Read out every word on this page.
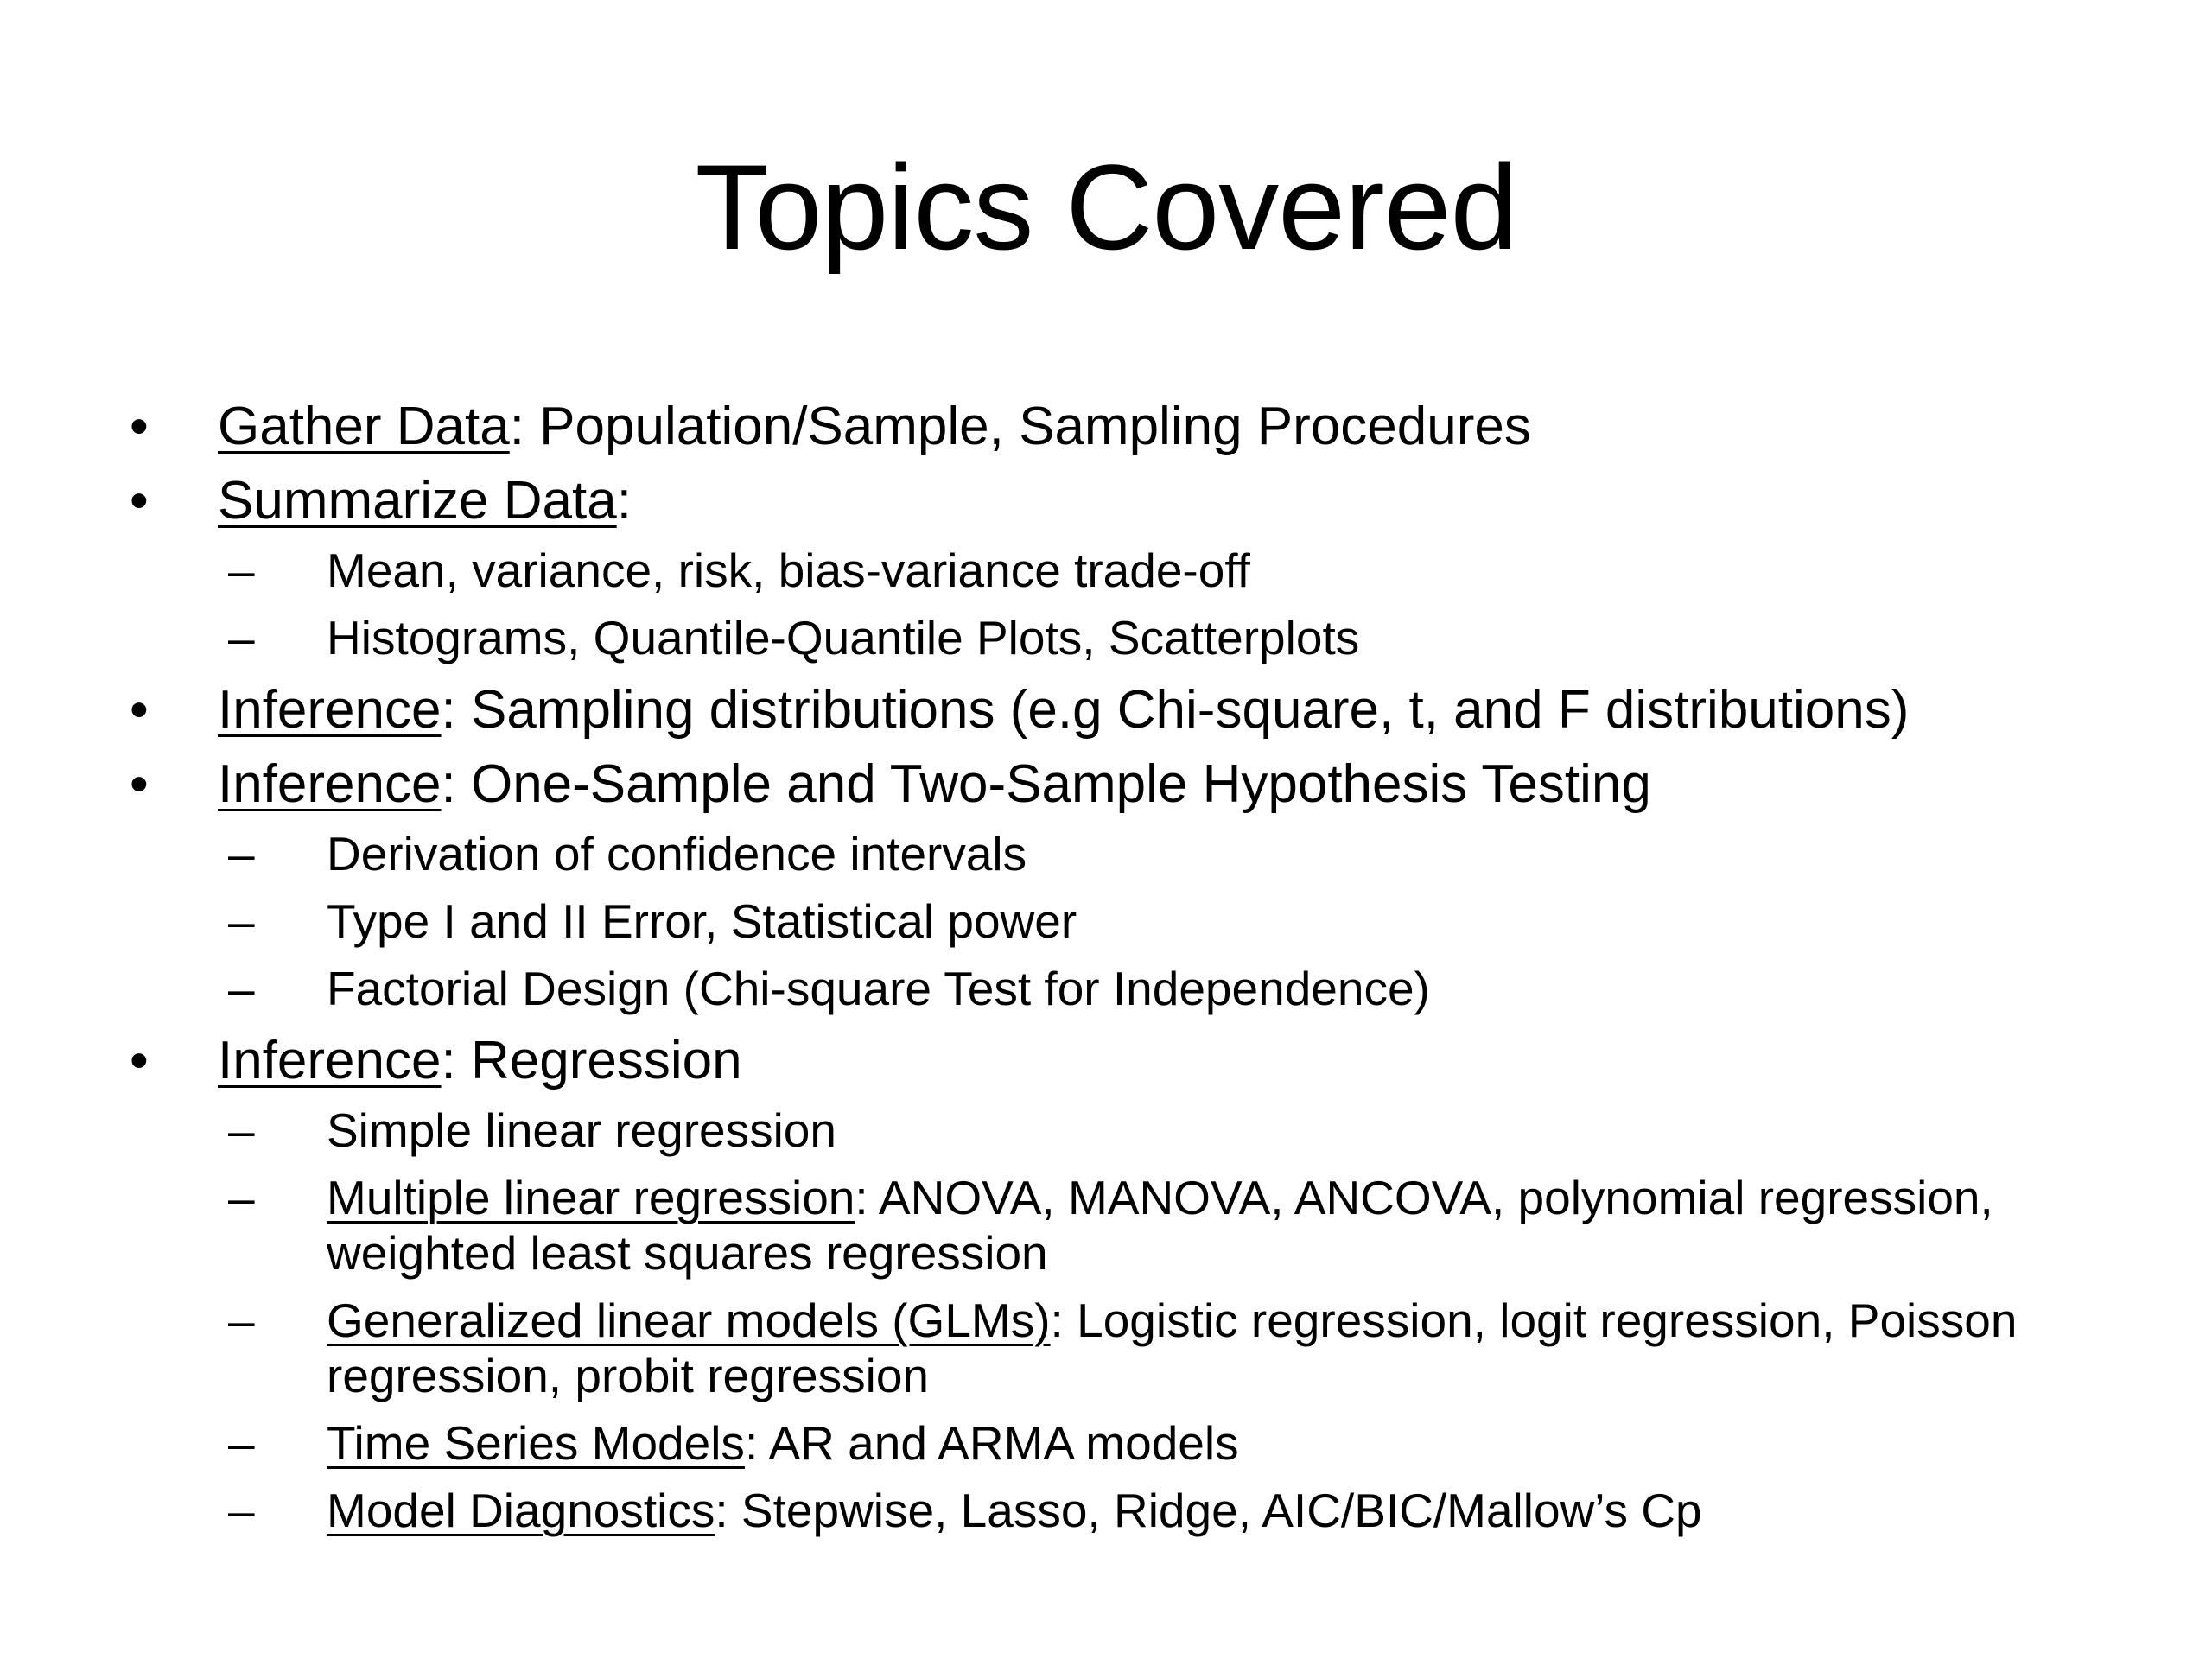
Topics Covered
•	Gather Data: Population/Sample, Sampling Procedures
•	Summarize Data:
–	Mean, variance, risk, bias-variance trade-off
–	Histograms, Quantile-Quantile Plots, Scatterplots
•	Inference: Sampling distributions (e.g Chi-square, t, and F distributions)
•	Inference: One-Sample and Two-Sample Hypothesis Testing
–	Derivation of confidence intervals
–	Type I and II Error, Statistical power
–	Factorial Design (Chi-square Test for Independence)
•	Inference: Regression
–	Simple linear regression
–	Multiple linear regression: ANOVA, MANOVA, ANCOVA, polynomial regression, weighted least squares regression
–	Generalized linear models (GLMs): Logistic regression, logit regression, Poisson regression, probit regression
–	Time Series Models: AR and ARMA models
–	Model Diagnostics: Stepwise, Lasso, Ridge, AIC/BIC/Mallow’s Cp
